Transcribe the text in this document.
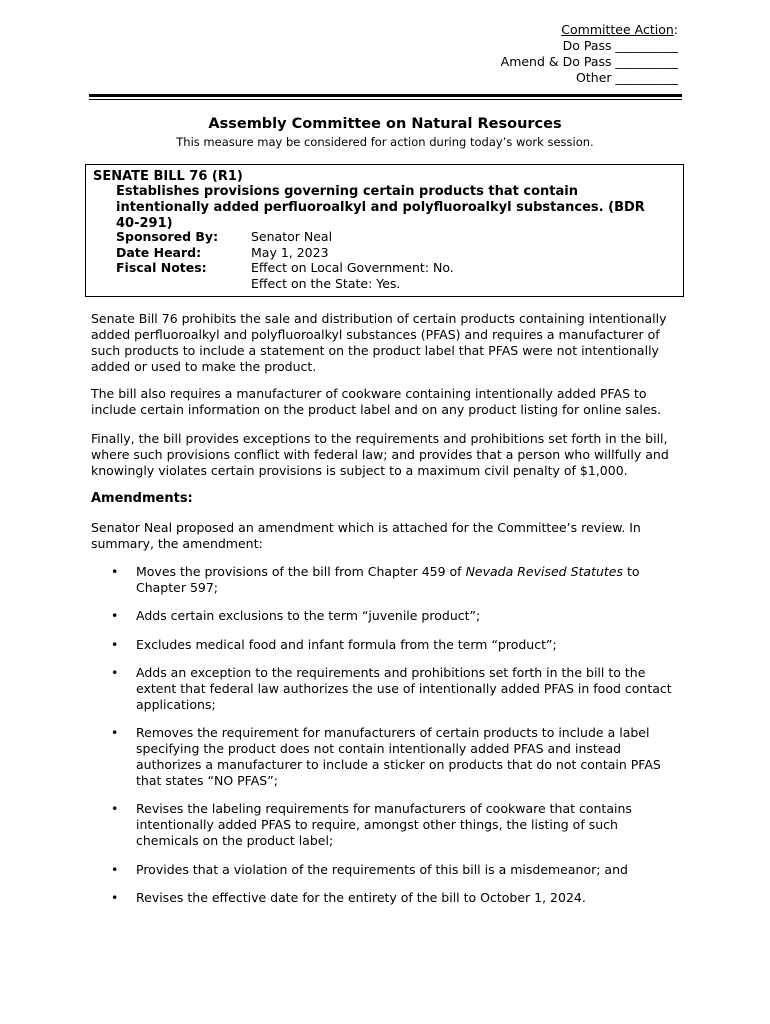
Committee Action:
Do Pass __________
Amend & Do Pass __________
Other __________
Assembly Committee on Natural Resources
This measure may be considered for action during today’s work session.
SENATE BILL 76 (R1)
Establishes provisions governing certain products that contain intentionally added perfluoroalkyl and polyfluoroalkyl substances. (BDR 40-291)
Sponsored By:	Senator Neal
Date Heard:	May 1, 2023
Fiscal Notes:	Effect on Local Government: No.
Effect on the State: Yes.
Senate Bill 76 prohibits the sale and distribution of certain products containing intentionally added perfluoroalkyl and polyfluoroalkyl substances (PFAS) and requires a manufacturer of such products to include a statement on the product label that PFAS were not intentionally added or used to make the product.
The bill also requires a manufacturer of cookware containing intentionally added PFAS to include certain information on the product label and on any product listing for online sales.
Finally, the bill provides exceptions to the requirements and prohibitions set forth in the bill, where such provisions conflict with federal law; and provides that a person who willfully and knowingly violates certain provisions is subject to a maximum civil penalty of $1,000.
Amendments:
Senator Neal proposed an amendment which is attached for the Committee’s review. In summary, the amendment:
• Moves the provisions of the bill from Chapter 459 of Nevada Revised Statutes to Chapter 597;
• Adds certain exclusions to the term “juvenile product”;
• Excludes medical food and infant formula from the term “product”;
• Adds an exception to the requirements and prohibitions set forth in the bill to the extent that federal law authorizes the use of intentionally added PFAS in food contact applications;
• Removes the requirement for manufacturers of certain products to include a label specifying the product does not contain intentionally added PFAS and instead authorizes a manufacturer to include a sticker on products that do not contain PFAS that states “NO PFAS”;
• Revises the labeling requirements for manufacturers of cookware that contains intentionally added PFAS to require, amongst other things, the listing of such chemicals on the product label;
• Provides that a violation of the requirements of this bill is a misdemeanor; and
• Revises the effective date for the entirety of the bill to October 1, 2024.
